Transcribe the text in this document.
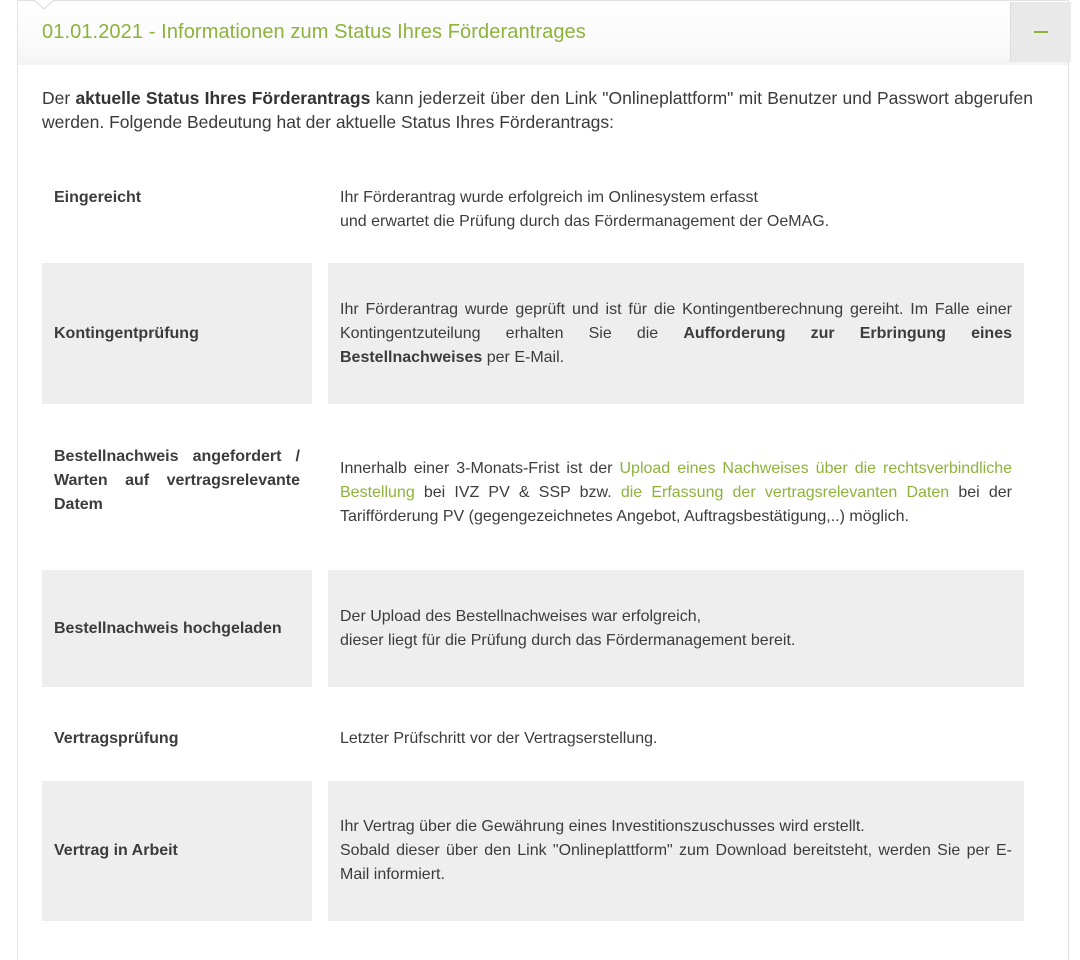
01.01.2021 - Informationen zum Status Ihres Förderantrages

Der aktuelle Status Ihres Förderantrags kann jederzeit über den Link "Onlineplattform" mit Benutzer und Passwort abgerufen werden. Folgende Bedeutung hat der aktuelle Status Ihres Förderantrags:

Eingereicht	Ihr Förderantrag wurde erfolgreich im Onlinesystem erfasst
und erwartet die Prüfung durch das Fördermanagement der OeMAG.
Kontingentprüfung
Ihr Förderantrag wurde geprüft und ist für die Kontingentberechnung gereiht. Im Falle einer Kontingentzuteilung erhalten Sie die Aufforderung zur Erbringung eines Bestellnachweises per E-Mail.
Bestellnachweis angefordert / Warten auf vertragsrelevante Datem
Innerhalb einer 3-Monats-Frist ist der Upload eines Nachweises über die rechtsverbindliche Bestellung bei IVZ PV & SSP bzw. die Erfassung der vertragsrelevanten Daten bei der Tarifförderung PV (gegengezeichnetes Angebot, Auftragsbestätigung,..) möglich.
Bestellnachweis hochgeladen
Der Upload des Bestellnachweises war erfolgreich,
dieser liegt für die Prüfung durch das Fördermanagement bereit.
Vertragsprüfung	Letzter Prüfschritt vor der Vertragserstellung.
Vertrag in Arbeit
Ihr Vertrag über die Gewährung eines Investitionszuschusses wird erstellt.
Sobald dieser über den Link "Onlineplattform" zum Download bereitsteht, werden Sie per E-Mail informiert.
